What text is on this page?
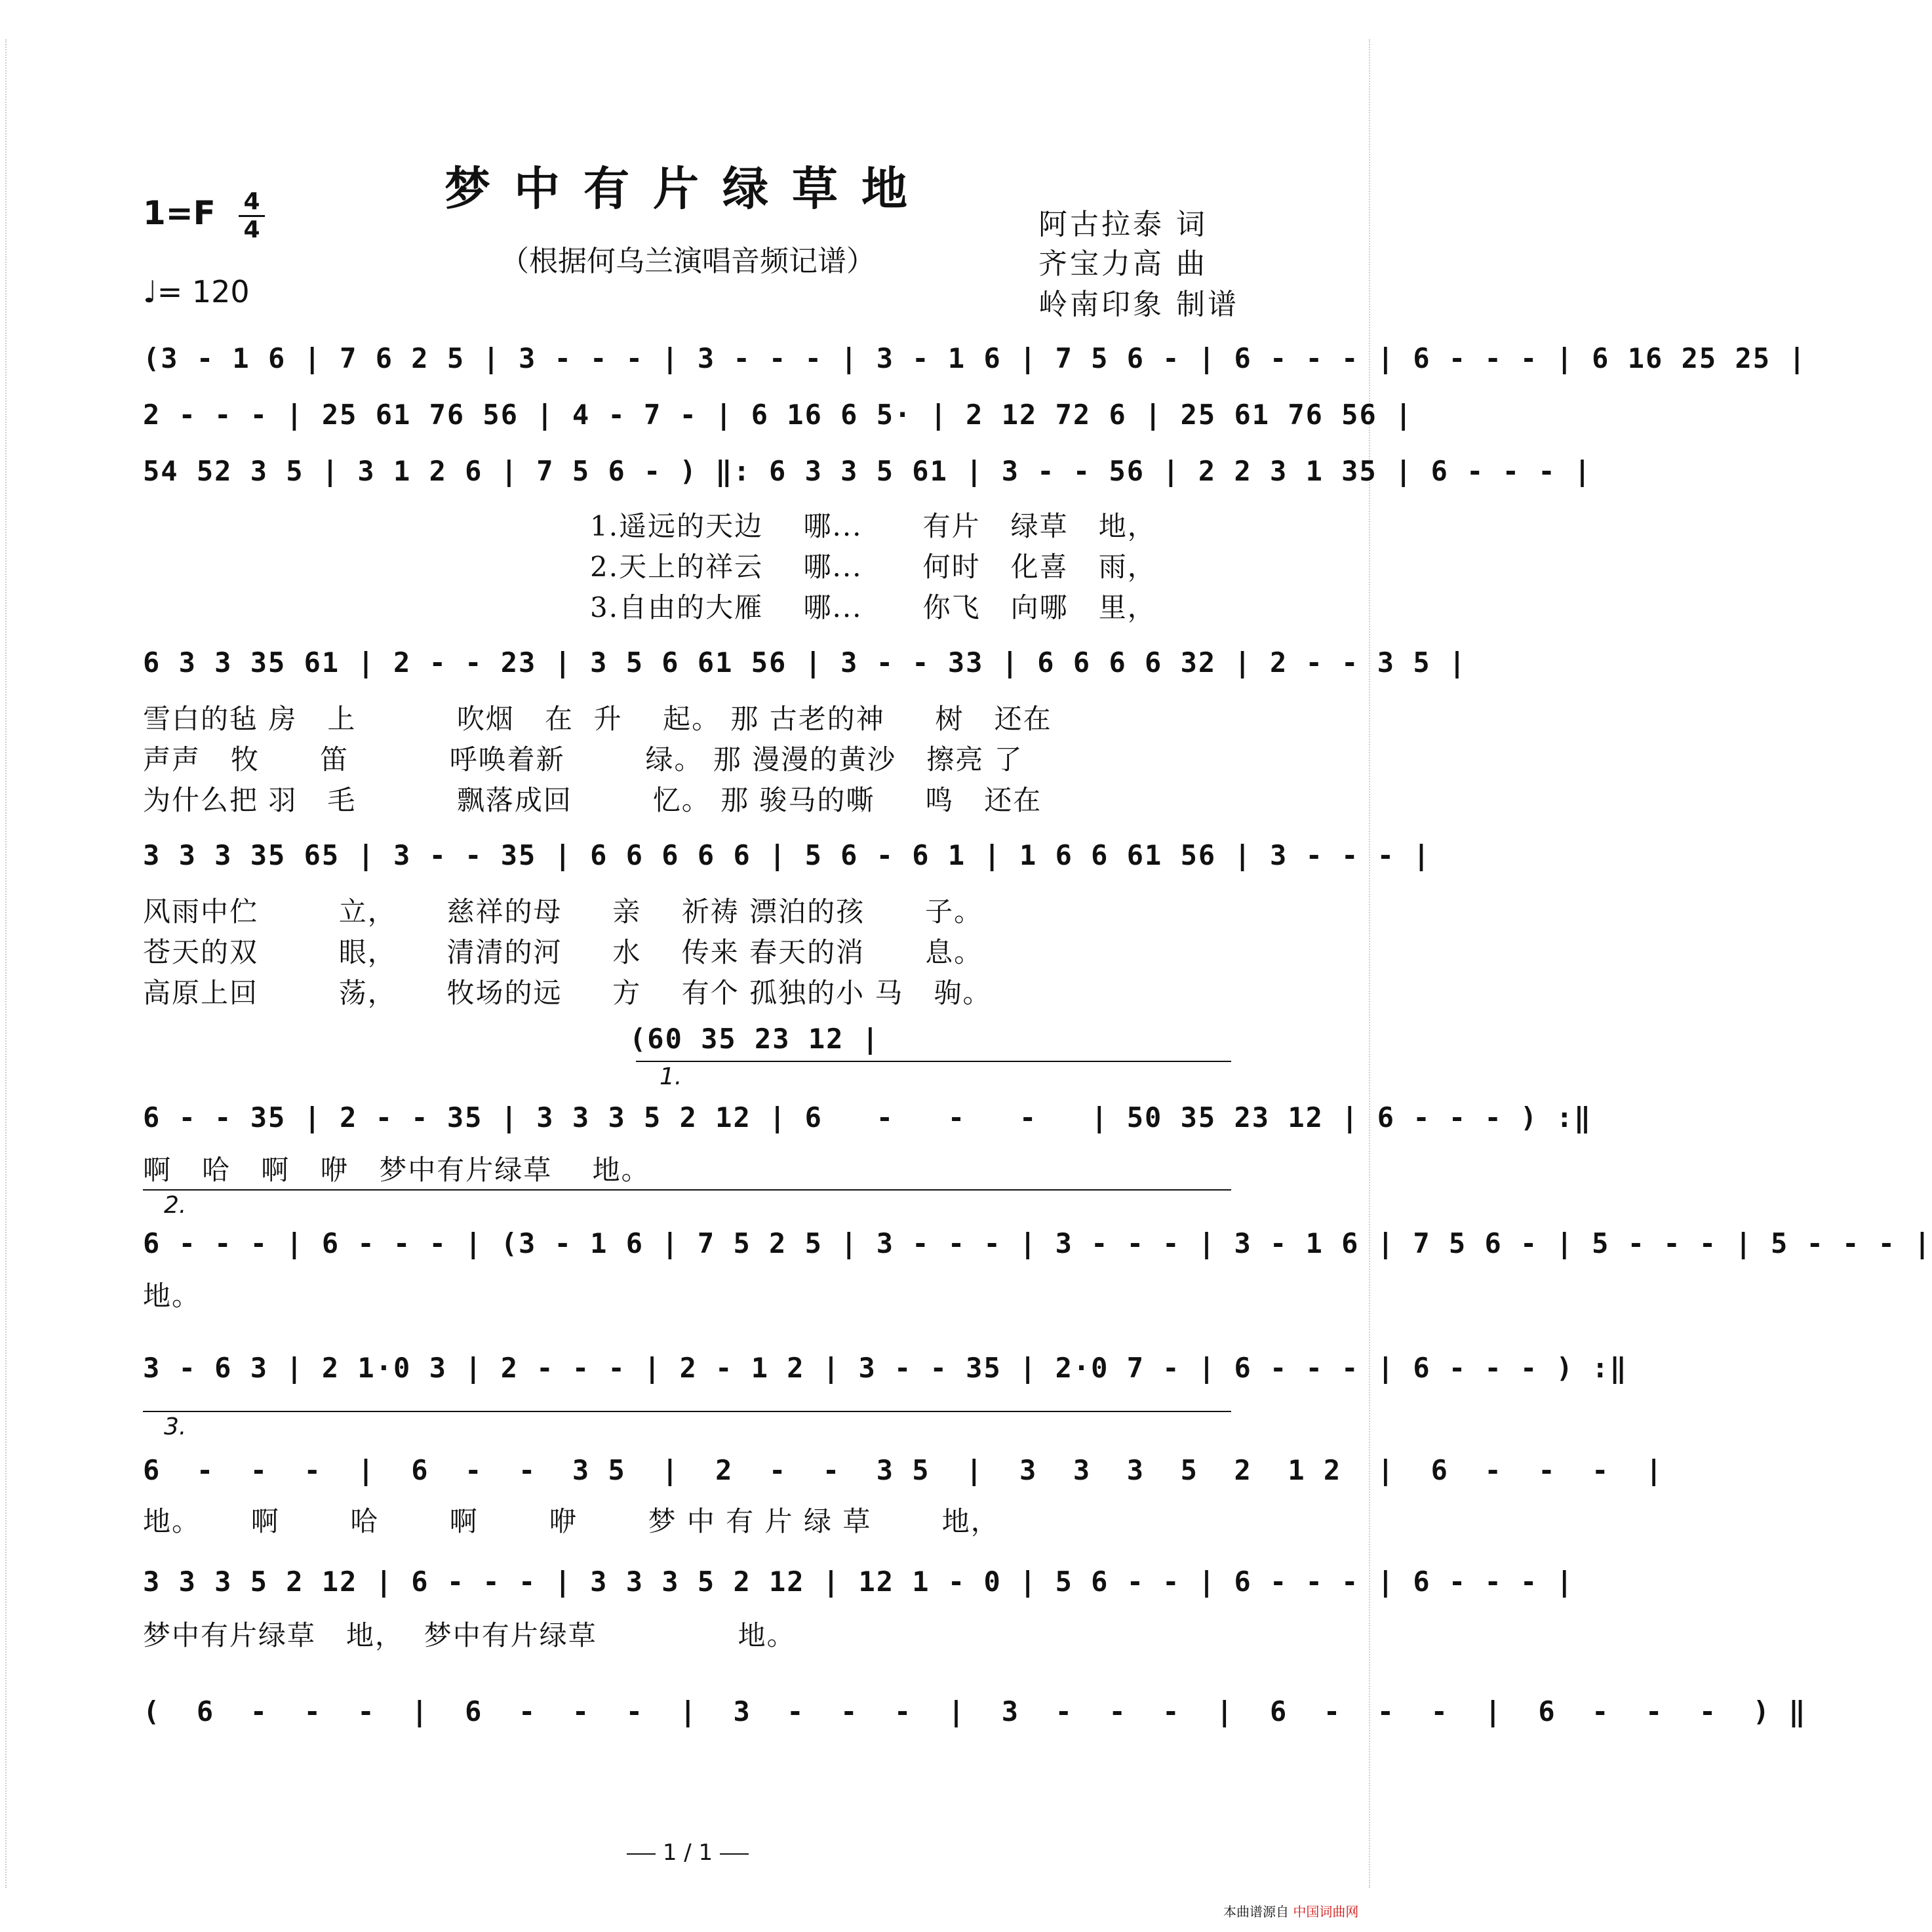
梦中有片绿草地
（根据何乌兰演唱音频记谱）
1=F 4
4
♩= 120
阿古拉泰 词
齐宝力高 曲
岭南印象 制谱
(3 - 1 6 | 7 6 2 5 | 3 - - - | 3 - - - | 3 - 1 6 | 7 5 6 - | 6 - - - | 6 - - - | 6 16 25 25 |
2 - - - | 25 61 76 56 | 4 - 7 - | 6 16 6 5· | 2 12 72 6 | 25 61 76 56 |
54 52 3 5 | 3 1 2 6 | 7 5 6 - ) ‖: 6 3 3 5 61 | 3 - - 56 | 2 2 3 1 35 | 6 - - - |
1.遥远的天边    哪...      有片   绿草   地，
2.天上的祥云    哪...      何时   化喜   雨，
3.自由的大雁    哪...      你飞   向哪   里，
6 3 3 35 61 | 2 - - 23 | 3 5 6 61 56 | 3 - - 33 | 6 6 6 6 32 | 2 - - 3 5 |
雪白的毡 房   上          吹烟   在  升    起。 那 古老的神     树   还在
声声   牧      笛          呼唤着新        绿。 那 漫漫的黄沙   擦亮 了
为什么把 羽   毛          飘落成回        忆。 那 骏马的嘶     鸣   还在
3 3 3 35 65 | 3 - - 35 | 6 6 6 6 6 | 5 6 - 6 1 | 1 6 6 61 56 | 3 - - - |
风雨中伫        立，     慈祥的母     亲    祈祷 漂泊的孩      子。
苍天的双        眼，     清清的河     水    传来 春天的消      息。
高原上回        荡，     牧场的远     方    有个 孤独的小 马   驹。
(60 35 23 12 |
1.
6 - - 35 | 2 - - 35 | 3 3 3 5 2 12 | 6   -   -   -   | 50 35 23 12 | 6 - - - ) :‖
啊   哈   啊   咿   梦中有片绿草    地。
2.
6 - - - | 6 - - - | (3 - 1 6 | 7 5 2 5 | 3 - - - | 3 - - - | 3 - 1 6 | 7 5 6 - | 5 - - - | 5 - - - |
地。
3 - 6 3 | 2 1·0 3 | 2 - - - | 2 - 1 2 | 3 - - 35 | 2·0 7 - | 6 - - - | 6 - - - ) :‖
3.
6  -  -  -  |  6  -  -  3 5  |  2  -  -  3 5  |  3  3  3  5  2  1 2  |  6  -  -  -  |
地。     啊       哈       啊       咿       梦 中 有 片 绿 草       地，
3 3 3 5 2 12 | 6 - - - | 3 3 3 5 2 12 | 12 1 - 0 | 5 6 - - | 6 - - - | 6 - - - |
梦中有片绿草   地，  梦中有片绿草              地。
(  6  -  -  -  |  6  -  -  -  |  3  -  -  -  |  3  -  -  -  |  6  -  -  -  |  6  -  -  -  ) ‖
1 / 1
本曲谱源自 中国词曲网
